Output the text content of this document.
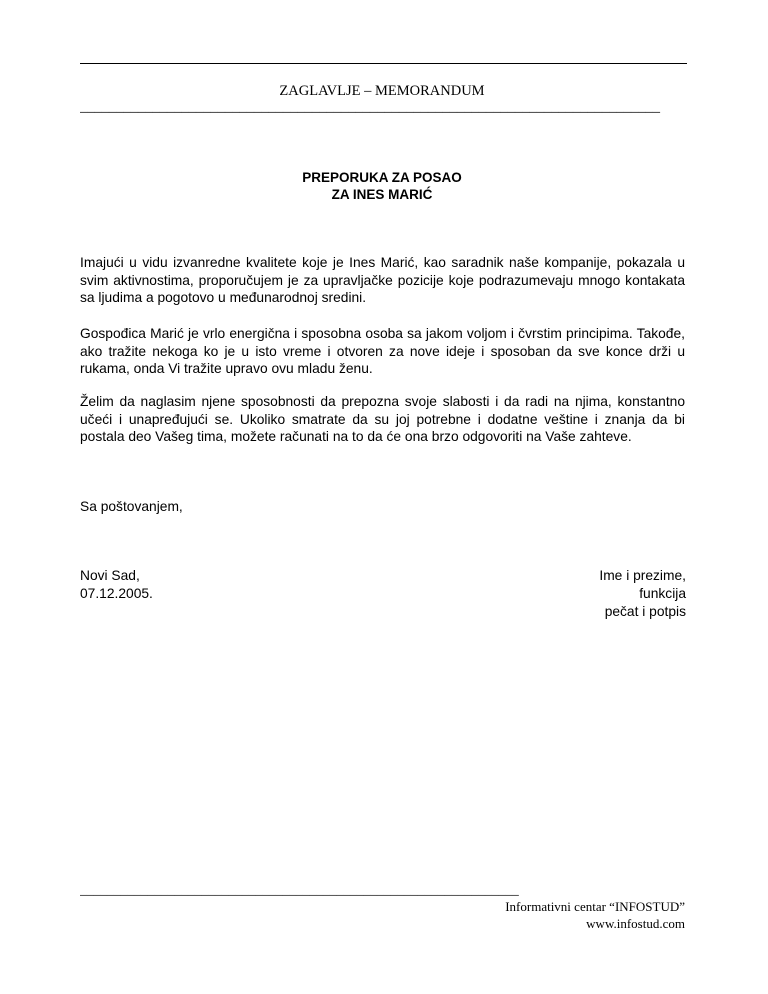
ZAGLAVLJE – MEMORANDUM
________________________________________________________________________________
PREPORUKA ZA POSAO
ZA INES MARIĆ

Imajući u vidu izvanredne kvalitete koje je Ines Marić, kao saradnik naše kompanije, pokazala u svim aktivnostima, proporučujem je za upravljačke pozicije koje podrazumevaju mnogo kontakata sa ljudima a pogotovo u međunarodnoj sredini.

Gospođica Marić je vrlo energična i sposobna osoba sa jakom voljom i čvrstim principima. Takođe, ako tražite nekoga ko je u isto vreme i otvoren za nove ideje i sposoban da sve konce drži u rukama, onda Vi tražite upravo ovu mladu ženu.

Želim da naglasim njene sposobnosti da prepozna svoje slabosti i da radi na njima, konstantno učeći i unapređujući se. Ukoliko smatrate da su joj potrebne i dodatne veštine i znanja da bi postala deo Vašeg tima, možete računati na to da će ona brzo odgovoriti na Vaše zahteve.

Sa poštovanjem,

Novi Sad,
07.12.2005.
Ime i prezime,
funkcija
pečat i potpis
_________________________________________________________________
Informativni centar “INFOSTUD”
www.infostud.com
